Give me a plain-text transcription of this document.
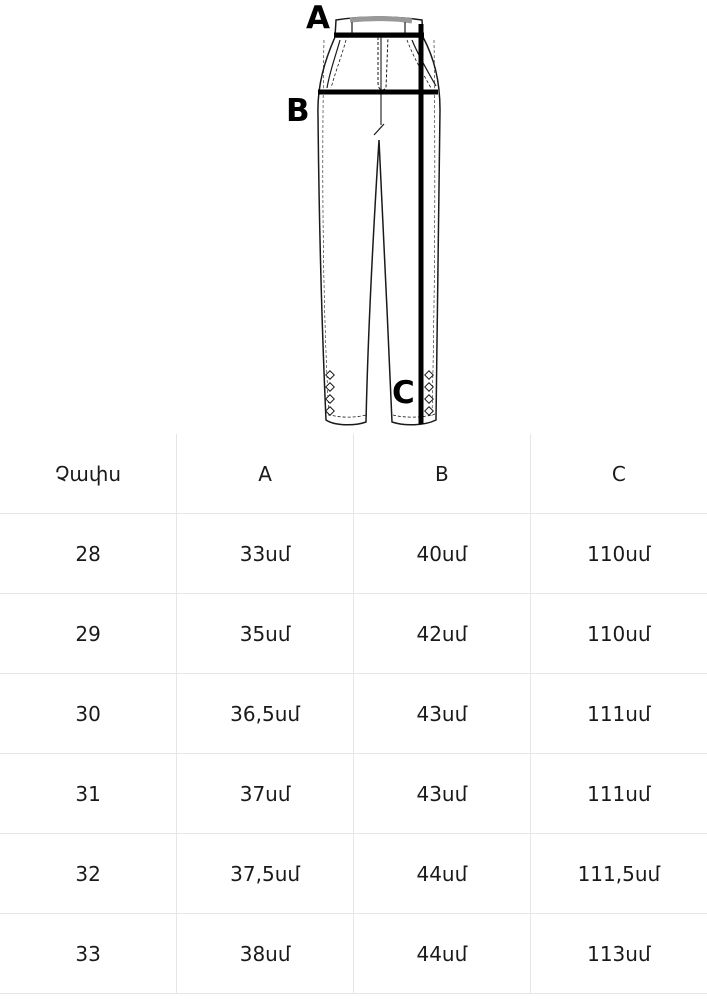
A
B
C
Չափս	A	B	C
28	33սմ	40սմ	110սմ
29	35սմ	42սմ	110սմ
30	36,5սմ	43սմ	111սմ
31	37սմ	43սմ	111սմ
32	37,5սմ	44սմ	111,5սմ
33	38սմ	44սմ	113սմ
